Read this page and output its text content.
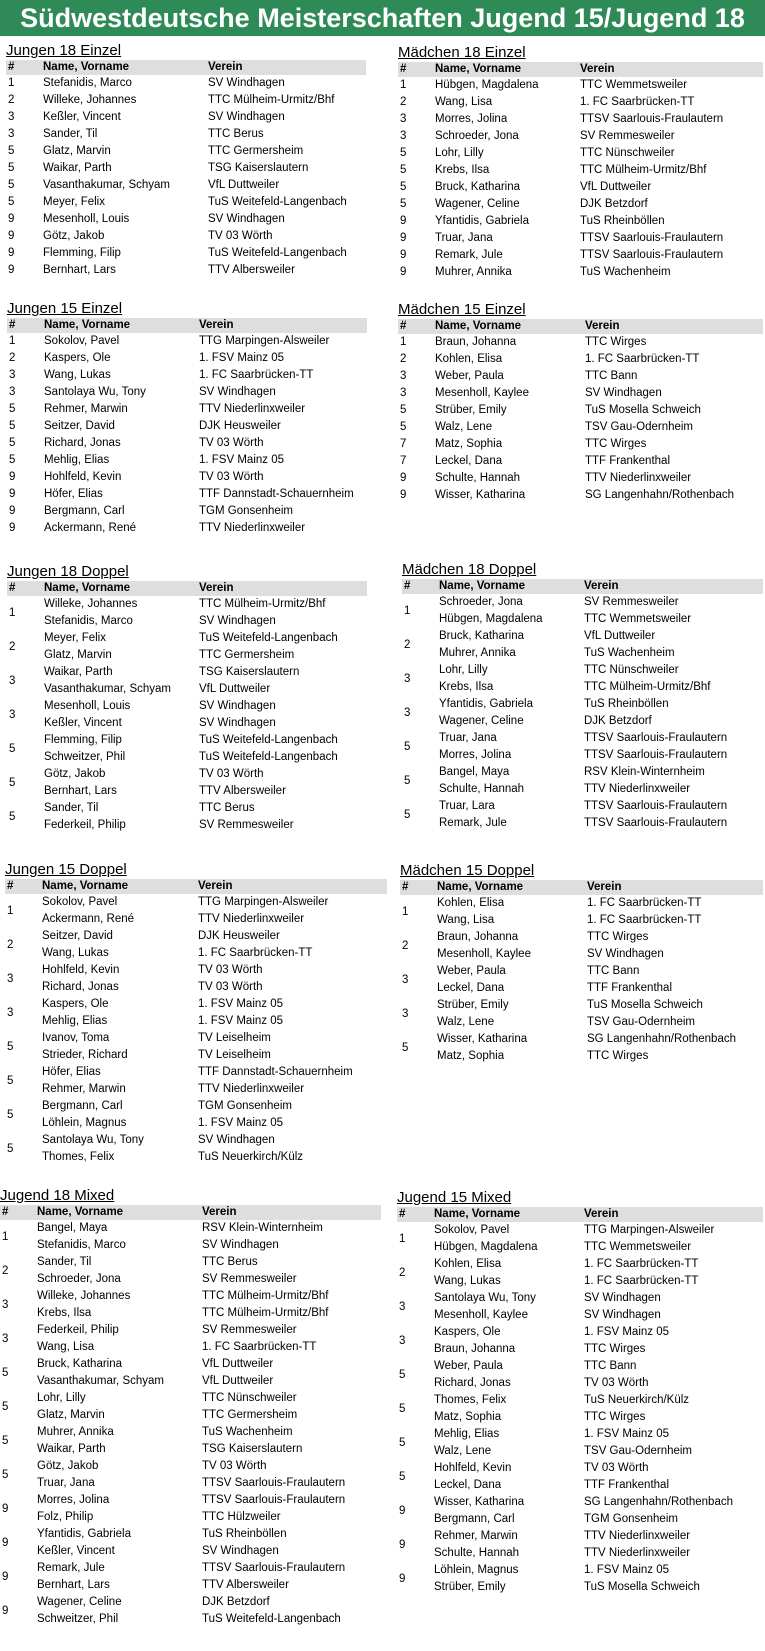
Südwestdeutsche Meisterschaften Jugend 15/Jugend 18
Jungen 18 Einzel
#	Name, Vorname	Verein
1	Stefanidis, Marco	SV Windhagen
2	Willeke, Johannes	TTC Mülheim-Urmitz/Bhf
3	Keßler, Vincent	SV Windhagen
3	Sander, Til	TTC Berus
5	Glatz, Marvin	TTC Germersheim
5	Waikar, Parth	TSG Kaiserslautern
5	Vasanthakumar, Schyam	VfL Duttweiler
5	Meyer, Felix	TuS Weitefeld-Langenbach
9	Mesenholl, Louis	SV Windhagen
9	Götz, Jakob	TV 03 Wörth
9	Flemming, Filip	TuS Weitefeld-Langenbach
9	Bernhart, Lars	TTV Albersweiler
Mädchen 18 Einzel
#	Name, Vorname	Verein
1	Hübgen, Magdalena	TTC Wemmetsweiler
2	Wang, Lisa	1. FC Saarbrücken-TT
3	Morres, Jolina	TTSV Saarlouis-Fraulautern
3	Schroeder, Jona	SV Remmesweiler
5	Lohr, Lilly	TTC Nünschweiler
5	Krebs, Ilsa	TTC Mülheim-Urmitz/Bhf
5	Bruck, Katharina	VfL Duttweiler
5	Wagener, Celine	DJK Betzdorf
9	Yfantidis, Gabriela	TuS Rheinböllen
9	Truar, Jana	TTSV Saarlouis-Fraulautern
9	Remark, Jule	TTSV Saarlouis-Fraulautern
9	Muhrer, Annika	TuS Wachenheim
Jungen 15 Einzel
#	Name, Vorname	Verein
1	Sokolov, Pavel	TTG Marpingen-Alsweiler
2	Kaspers, Ole	1. FSV Mainz 05
3	Wang, Lukas	1. FC Saarbrücken-TT
3	Santolaya Wu, Tony	SV Windhagen
5	Rehmer, Marwin	TTV Niederlinxweiler
5	Seitzer, David	DJK Heusweiler
5	Richard, Jonas	TV 03 Wörth
5	Mehlig, Elias	1. FSV Mainz 05
9	Hohlfeld, Kevin	TV 03 Wörth
9	Höfer, Elias	TTF Dannstadt-Schauernheim
9	Bergmann, Carl	TGM Gonsenheim
9	Ackermann, René	TTV Niederlinxweiler
Mädchen 15 Einzel
#	Name, Vorname	Verein
1	Braun, Johanna	TTC Wirges
2	Kohlen, Elisa	1. FC Saarbrücken-TT
3	Weber, Paula	TTC Bann
3	Mesenholl, Kaylee	SV Windhagen
5	Strüber, Emily	TuS Mosella Schweich
5	Walz, Lene	TSV Gau-Odernheim
7	Matz, Sophia	TTC Wirges
7	Leckel, Dana	TTF Frankenthal
9	Schulte, Hannah	TTV Niederlinxweiler
9	Wisser, Katharina	SG Langenhahn/Rothenbach
Jungen 18 Doppel
#	Name, Vorname	Verein
1	Willeke, Johannes	TTC Mülheim-Urmitz/Bhf
	Stefanidis, Marco	SV Windhagen
2	Meyer, Felix	TuS Weitefeld-Langenbach
	Glatz, Marvin	TTC Germersheim
3	Waikar, Parth	TSG Kaiserslautern
	Vasanthakumar, Schyam	VfL Duttweiler
3	Mesenholl, Louis	SV Windhagen
	Keßler, Vincent	SV Windhagen
5	Flemming, Filip	TuS Weitefeld-Langenbach
	Schweitzer, Phil	TuS Weitefeld-Langenbach
5	Götz, Jakob	TV 03 Wörth
	Bernhart, Lars	TTV Albersweiler
5	Sander, Til	TTC Berus
	Federkeil, Philip	SV Remmesweiler
Mädchen 18 Doppel
#	Name, Vorname	Verein
1	Schroeder, Jona	SV Remmesweiler
	Hübgen, Magdalena	TTC Wemmetsweiler
2	Bruck, Katharina	VfL Duttweiler
	Muhrer, Annika	TuS Wachenheim
3	Lohr, Lilly	TTC Nünschweiler
	Krebs, Ilsa	TTC Mülheim-Urmitz/Bhf
3	Yfantidis, Gabriela	TuS Rheinböllen
	Wagener, Celine	DJK Betzdorf
5	Truar, Jana	TTSV Saarlouis-Fraulautern
	Morres, Jolina	TTSV Saarlouis-Fraulautern
5	Bangel, Maya	RSV Klein-Winternheim
	Schulte, Hannah	TTV Niederlinxweiler
5	Truar, Lara	TTSV Saarlouis-Fraulautern
	Remark, Jule	TTSV Saarlouis-Fraulautern
Jungen 15 Doppel
#	Name, Vorname	Verein
1	Sokolov, Pavel	TTG Marpingen-Alsweiler
	Ackermann, René	TTV Niederlinxweiler
2	Seitzer, David	DJK Heusweiler
	Wang, Lukas	1. FC Saarbrücken-TT
3	Hohlfeld, Kevin	TV 03 Wörth
	Richard, Jonas	TV 03 Wörth
3	Kaspers, Ole	1. FSV Mainz 05
	Mehlig, Elias	1. FSV Mainz 05
5	Ivanov, Toma	TV Leiselheim
	Strieder, Richard	TV Leiselheim
5	Höfer, Elias	TTF Dannstadt-Schauernheim
	Rehmer, Marwin	TTV Niederlinxweiler
5	Bergmann, Carl	TGM Gonsenheim
	Löhlein, Magnus	1. FSV Mainz 05
5	Santolaya Wu, Tony	SV Windhagen
	Thomes, Felix	TuS Neuerkirch/Külz
Mädchen 15 Doppel
#	Name, Vorname	Verein
1	Kohlen, Elisa	1. FC Saarbrücken-TT
	Wang, Lisa	1. FC Saarbrücken-TT
2	Braun, Johanna	TTC Wirges
	Mesenholl, Kaylee	SV Windhagen
3	Weber, Paula	TTC Bann
	Leckel, Dana	TTF Frankenthal
3	Strüber, Emily	TuS Mosella Schweich
	Walz, Lene	TSV Gau-Odernheim
5	Wisser, Katharina	SG Langenhahn/Rothenbach
	Matz, Sophia	TTC Wirges
Jugend 18 Mixed
#	Name, Vorname	Verein
1	Bangel, Maya	RSV Klein-Winternheim
	Stefanidis, Marco	SV Windhagen
2	Sander, Til	TTC Berus
	Schroeder, Jona	SV Remmesweiler
3	Willeke, Johannes	TTC Mülheim-Urmitz/Bhf
	Krebs, Ilsa	TTC Mülheim-Urmitz/Bhf
3	Federkeil, Philip	SV Remmesweiler
	Wang, Lisa	1. FC Saarbrücken-TT
5	Bruck, Katharina	VfL Duttweiler
	Vasanthakumar, Schyam	VfL Duttweiler
5	Lohr, Lilly	TTC Nünschweiler
	Glatz, Marvin	TTC Germersheim
5	Muhrer, Annika	TuS Wachenheim
	Waikar, Parth	TSG Kaiserslautern
5	Götz, Jakob	TV 03 Wörth
	Truar, Jana	TTSV Saarlouis-Fraulautern
9	Morres, Jolina	TTSV Saarlouis-Fraulautern
	Folz, Philip	TTC Hülzweiler
9	Yfantidis, Gabriela	TuS Rheinböllen
	Keßler, Vincent	SV Windhagen
9	Remark, Jule	TTSV Saarlouis-Fraulautern
	Bernhart, Lars	TTV Albersweiler
9	Wagener, Celine	DJK Betzdorf
	Schweitzer, Phil	TuS Weitefeld-Langenbach
Jugend 15 Mixed
#	Name, Vorname	Verein
1	Sokolov, Pavel	TTG Marpingen-Alsweiler
	Hübgen, Magdalena	TTC Wemmetsweiler
2	Kohlen, Elisa	1. FC Saarbrücken-TT
	Wang, Lukas	1. FC Saarbrücken-TT
3	Santolaya Wu, Tony	SV Windhagen
	Mesenholl, Kaylee	SV Windhagen
3	Kaspers, Ole	1. FSV Mainz 05
	Braun, Johanna	TTC Wirges
5	Weber, Paula	TTC Bann
	Richard, Jonas	TV 03 Wörth
5	Thomes, Felix	TuS Neuerkirch/Külz
	Matz, Sophia	TTC Wirges
5	Mehlig, Elias	1. FSV Mainz 05
	Walz, Lene	TSV Gau-Odernheim
5	Hohlfeld, Kevin	TV 03 Wörth
	Leckel, Dana	TTF Frankenthal
9	Wisser, Katharina	SG Langenhahn/Rothenbach
	Bergmann, Carl	TGM Gonsenheim
9	Rehmer, Marwin	TTV Niederlinxweiler
	Schulte, Hannah	TTV Niederlinxweiler
9	Löhlein, Magnus	1. FSV Mainz 05
	Strüber, Emily	TuS Mosella Schweich
